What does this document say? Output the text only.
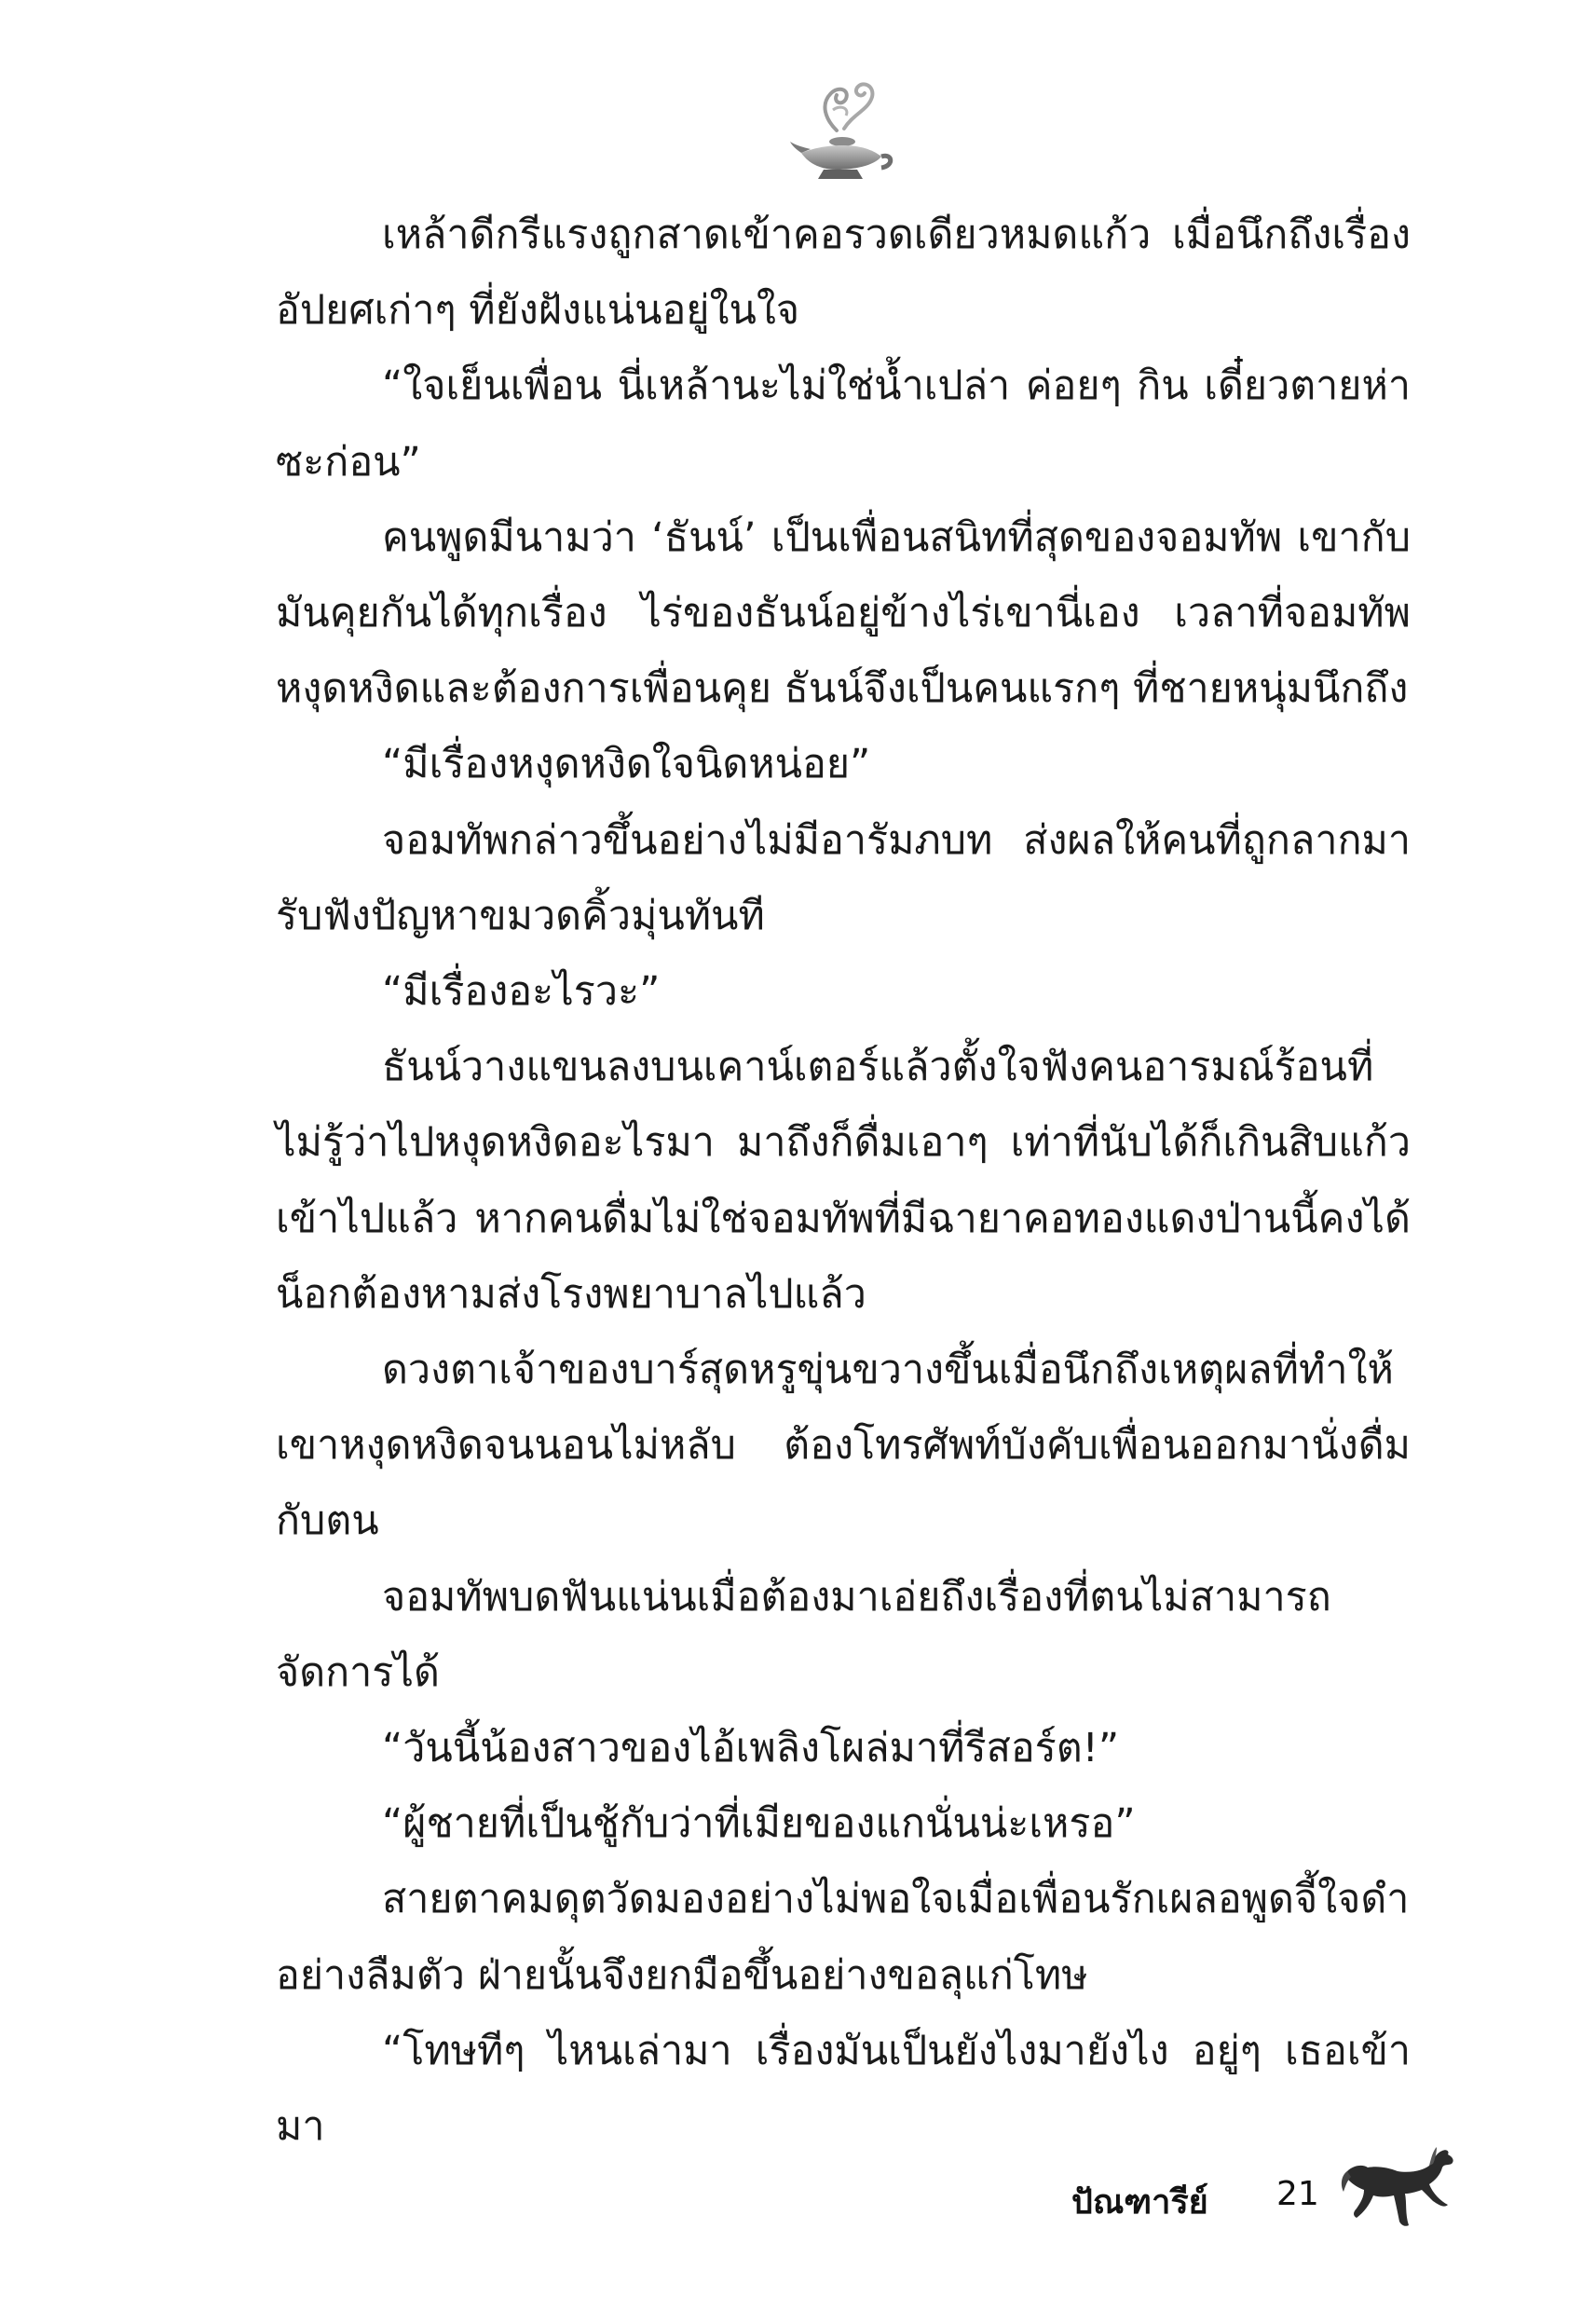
เหล้าดีกรีแรงถูกสาดเข้าคอรวดเดียวหมดแก้ว เมื่อนึกถึงเรื่องอัปยศเก่าๆ ที่ยังฝังแน่นอยู่ในใจ

“ใจเย็นเพื่อน นี่เหล้านะไม่ใช่น้ำเปล่า ค่อยๆ กิน เดี๋ยวตายห่าซะก่อน”

คนพูดมีนามว่า ‘ธันน์’ เป็นเพื่อนสนิทที่สุดของจอมทัพ เขากับมันคุยกันได้ทุกเรื่อง ไร่ของธันน์อยู่ข้างไร่เขานี่เอง เวลาที่จอมทัพหงุดหงิดและต้องการเพื่อนคุย ธันน์จึงเป็นคนแรกๆ ที่ชายหนุ่มนึกถึง

“มีเรื่องหงุดหงิดใจนิดหน่อย”

จอมทัพกล่าวขึ้นอย่างไม่มีอารัมภบท ส่งผลให้คนที่ถูกลากมารับฟังปัญหาขมวดคิ้วมุ่นทันที

“มีเรื่องอะไรวะ”

ธันน์วางแขนลงบนเคาน์เตอร์แล้วตั้งใจฟังคนอารมณ์ร้อนที่ไม่รู้ว่าไปหงุดหงิดอะไรมา มาถึงก็ดื่มเอาๆ เท่าที่นับได้ก็เกินสิบแก้วเข้าไปแล้ว หากคนดื่มไม่ใช่จอมทัพที่มีฉายาคอทองแดงป่านนี้คงได้น็อกต้องหามส่งโรงพยาบาลไปแล้ว

ดวงตาเจ้าของบาร์สุดหรูขุ่นขวางขึ้นเมื่อนึกถึงเหตุผลที่ทำให้เขาหงุดหงิดจนนอนไม่หลับ ต้องโทรศัพท์บังคับเพื่อนออกมานั่งดื่มกับตน

จอมทัพบดฟันแน่นเมื่อต้องมาเอ่ยถึงเรื่องที่ตนไม่สามารถจัดการได้

“วันนี้น้องสาวของไอ้เพลิงโผล่มาที่รีสอร์ต!”

“ผู้ชายที่เป็นชู้กับว่าที่เมียของแกนั่นน่ะเหรอ”

สายตาคมดุตวัดมองอย่างไม่พอใจเมื่อเพื่อนรักเผลอพูดจี้ใจดำอย่างลืมตัว ฝ่ายนั้นจึงยกมือขึ้นอย่างขอลุแก่โทษ

“โทษทีๆ ไหนเล่ามา เรื่องมันเป็นยังไงมายังไง อยู่ๆ เธอเข้ามา

ปัณฑารีย์ 21
